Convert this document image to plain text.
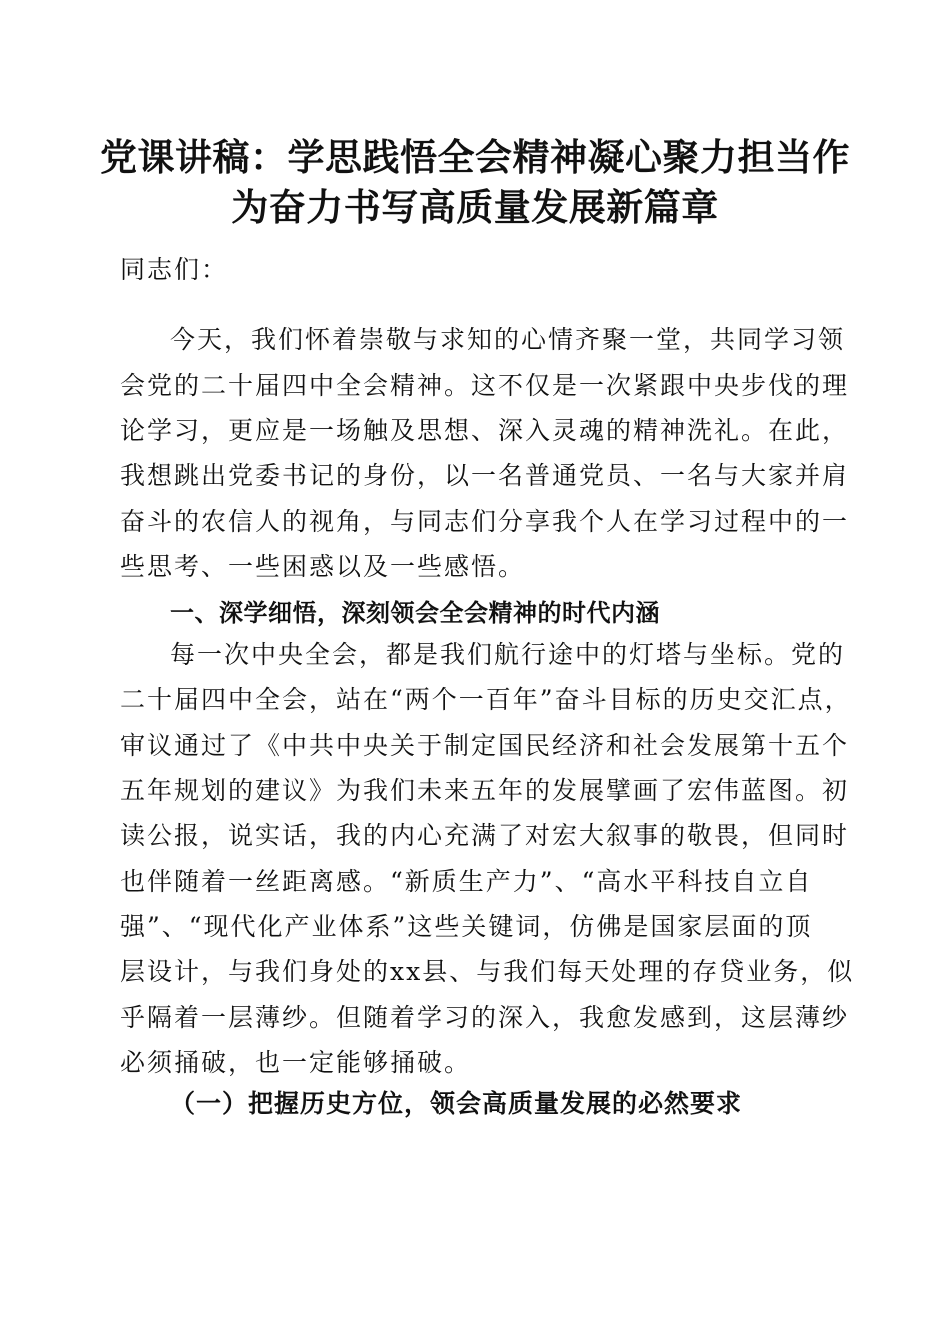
党课讲稿：学思践悟全会精神凝心聚力担当作
为奋力书写高质量发展新篇章
同志们：
今天，我们怀着崇敬与求知的心情齐聚一堂，共同学习领
会党的二十届四中全会精神。这不仅是一次紧跟中央步伐的理
论学习，更应是一场触及思想、深入灵魂的精神洗礼。在此，
我想跳出党委书记的身份，以一名普通党员、一名与大家并肩
奋斗的农信人的视角，与同志们分享我个人在学习过程中的一
些思考、一些困惑以及一些感悟。
一、深学细悟，深刻领会全会精神的时代内涵
每一次中央全会，都是我们航行途中的灯塔与坐标。党的
二十届四中全会，站在“两个一百年”奋斗目标的历史交汇点，
审议通过了《中共中央关于制定国民经济和社会发展第十五个
五年规划的建议》为我们未来五年的发展擘画了宏伟蓝图。初
读公报，说实话，我的内心充满了对宏大叙事的敬畏，但同时
也伴随着一丝距离感。“新质生产力”、“高水平科技自立自
强”、“现代化产业体系”这些关键词，仿佛是国家层面的顶
层设计，与我们身处的xx县、与我们每天处理的存贷业务，似
乎隔着一层薄纱。但随着学习的深入，我愈发感到，这层薄纱
必须捅破，也一定能够捅破。
（一）把握历史方位，领会高质量发展的必然要求
